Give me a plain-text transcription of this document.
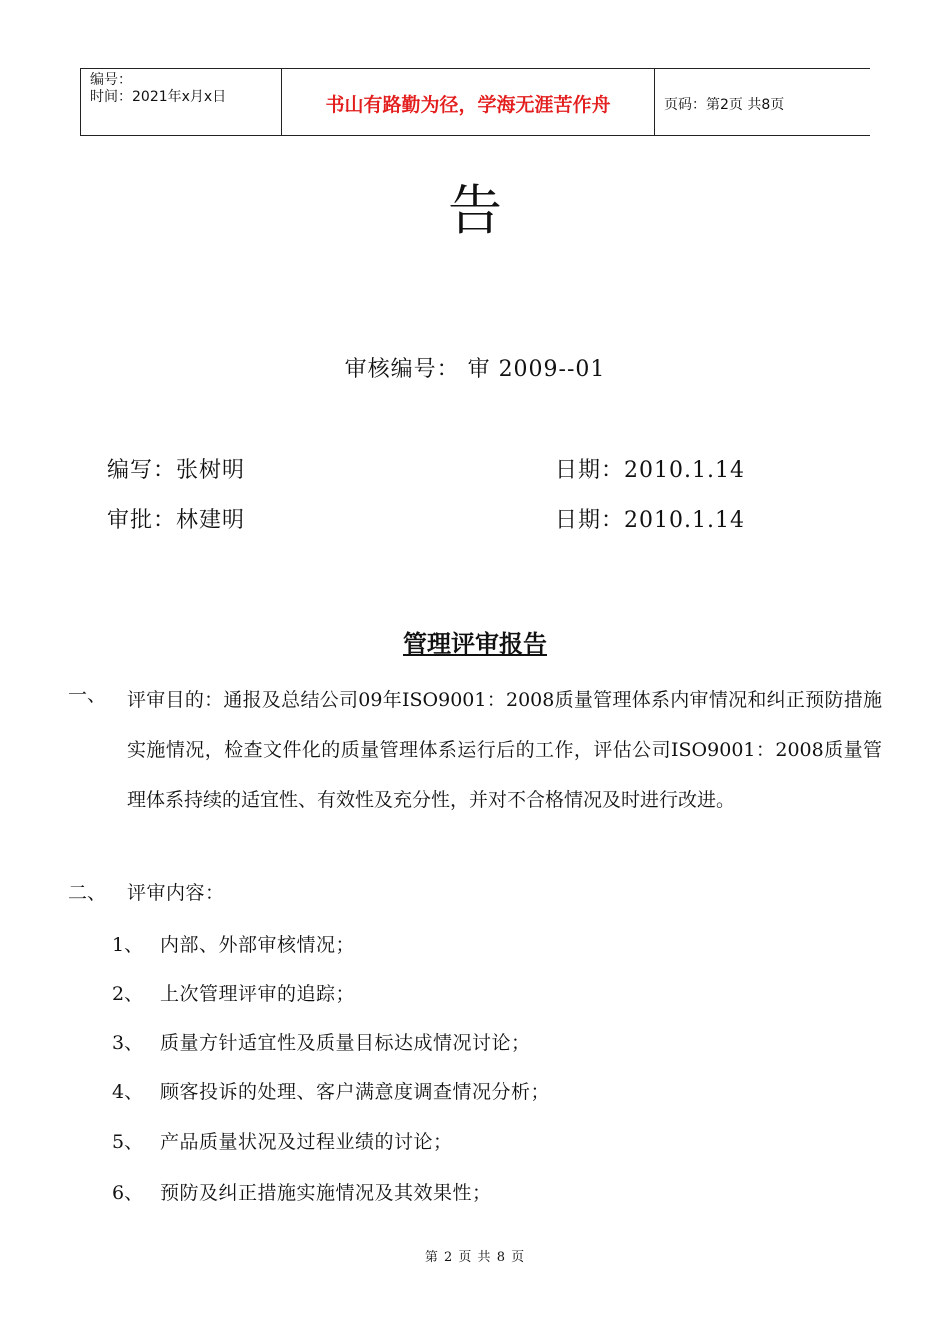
编号：
时间：2021年x月x日	书山有路勤为径，学海无涯苦作舟	页码：第2页 共8页
告
审核编号： 审 2009--01
编写：张树明	日期：2010.1.14
审批：林建明	日期：2010.1.14
管理评审报告
一、 评审目的：通报及总结公司09年ISO9001：2008质量管理体系内审情况和纠正预防措施实施情况，检查文件化的质量管理体系运行后的工作，评估公司ISO9001：2008质量管理体系持续的适宜性、有效性及充分性，并对不合格情况及时进行改进。
二、 评审内容：
1、 内部、外部审核情况；
2、 上次管理评审的追踪；
3、 质量方针适宜性及质量目标达成情况讨论；
4、 顾客投诉的处理、客户满意度调查情况分析；
5、 产品质量状况及过程业绩的讨论；
6、 预防及纠正措施实施情况及其效果性；
第 2 页 共 8 页
